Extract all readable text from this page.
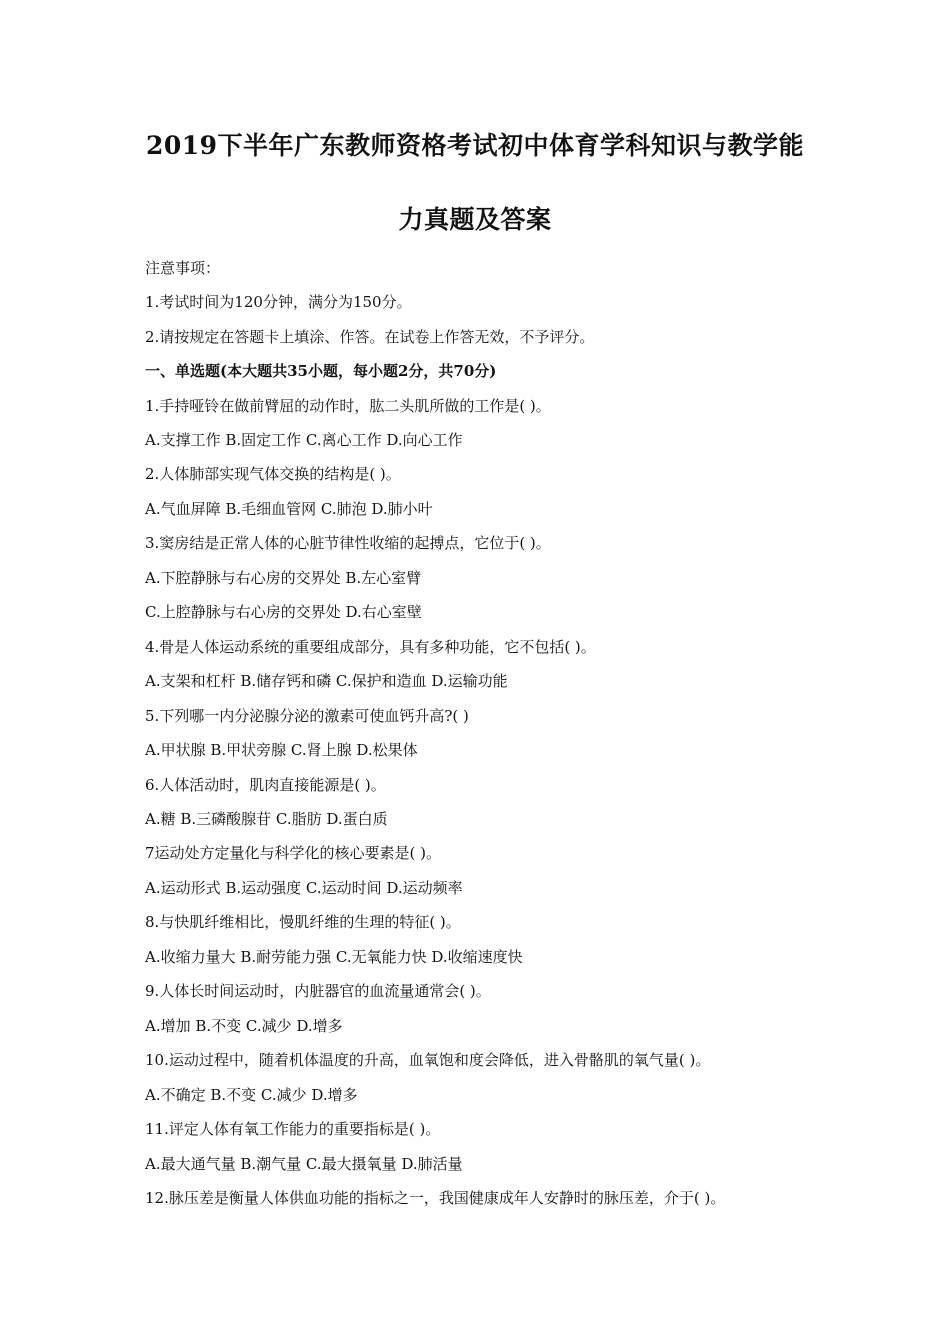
2019下半年广东教师资格考试初中体育学科知识与教学能
力真题及答案
注意事项：
1.考试时间为120分钟，满分为150分。
2.请按规定在答题卡上填涂、作答。在试卷上作答无效，不予评分。
一、单选题(本大题共35小题，每小题2分，共70分)
1.手持哑铃在做前臂屈的动作时，肱二头肌所做的工作是( )。
A.支撑工作 B.固定工作 C.离心工作 D.向心工作
2.人体肺部实现气体交换的结构是( )。
A.气血屏障 B.毛细血管网 C.肺泡 D.肺小叶
3.窦房结是正常人体的心脏节律性收缩的起搏点，它位于( )。
A.下腔静脉与右心房的交界处 B.左心室臂
C.上腔静脉与右心房的交界处 D.右心室壁
4.骨是人体运动系统的重要组成部分，具有多种功能，它不包括( )。
A.支架和杠杆 B.储存钙和磷 C.保护和造血 D.运输功能
5.下列哪一内分泌腺分泌的激素可使血钙升高?( )
A.甲状腺 B.甲状旁腺 C.肾上腺 D.松果体
6.人体活动时，肌肉直接能源是( )。
A.糖 B.三磷酸腺苷 C.脂肪 D.蛋白质
7运动处方定量化与科学化的核心要素是( )。
A.运动形式 B.运动强度 C.运动时间 D.运动频率
8.与快肌纤维相比，慢肌纤维的生理的特征( )。
A.收缩力量大 B.耐劳能力强 C.无氧能力快 D.收缩速度快
9.人体长时间运动时，内脏器官的血流量通常会( )。
A.增加 B.不变 C.减少 D.增多
10.运动过程中，随着机体温度的升高，血氧饱和度会降低，进入骨骼肌的氧气量( )。
A.不确定 B.不变 C.减少 D.增多
11.评定人体有氧工作能力的重要指标是( )。
A.最大通气量 B.潮气量 C.最大摄氧量 D.肺活量
12.脉压差是衡量人体供血功能的指标之一，我国健康成年人安静时的脉压差，介于( )。
